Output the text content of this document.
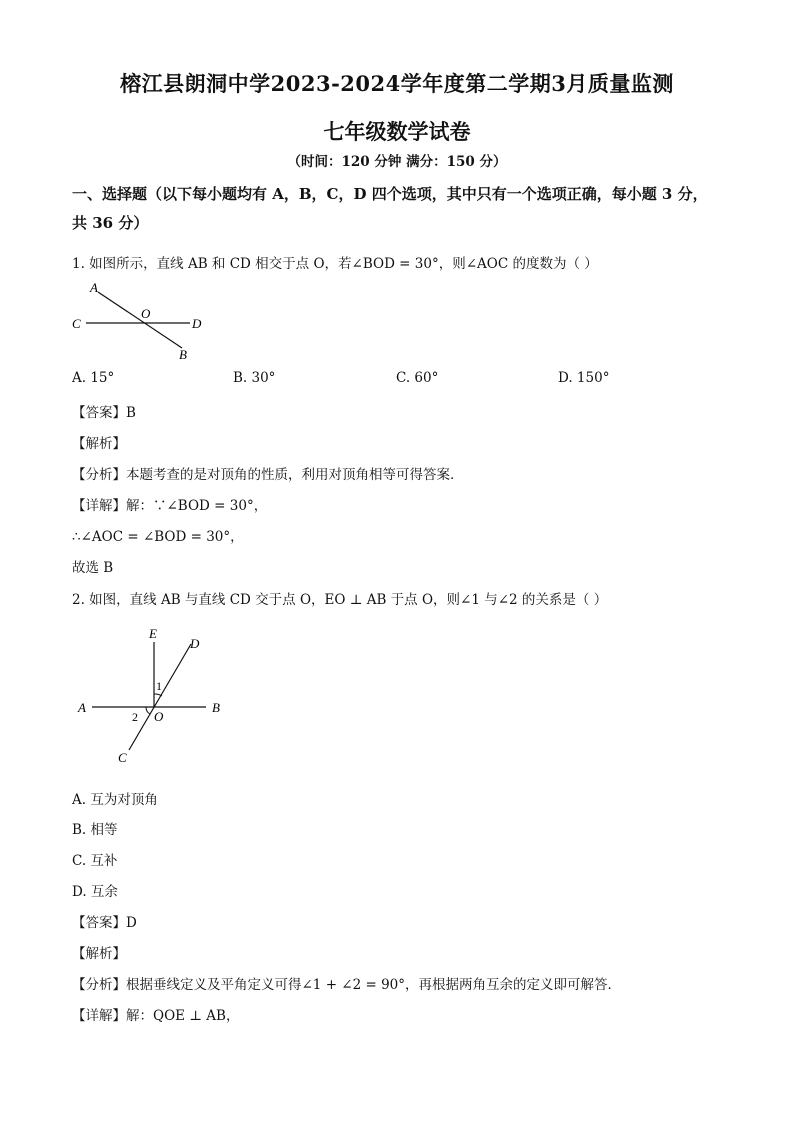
榕江县朗洞中学2023-2024学年度第二学期3月质量监测
七年级数学试卷
（时间：120 分钟 满分：150 分）
一、选择题（以下每小题均有 A，B，C，D 四个选项，其中只有一个选项正确，每小题 3 分，
共 36 分）
1. 如图所示，直线 AB 和 CD 相交于点 O，若∠BOD = 30°，则∠AOC 的度数为（ ）
A
O
C	D
B
A. 15°	B. 30°	C. 60°	D. 150°
【答案】B
【解析】
【分析】本题考查的是对顶角的性质，利用对顶角相等可得答案．
【详解】解：∵∠BOD = 30°，
∴∠AOC = ∠BOD = 30°，
故选 B
2. 如图，直线 AB 与直线 CD 交于点 O，EO ⊥ AB 于点 O，则∠1 与∠2 的关系是（ ）
E
D
1
A
2 O
B
C
A. 互为对顶角
B. 相等
C. 互补
D. 互余
【答案】D
【解析】
【分析】根据垂线定义及平角定义可得∠1 + ∠2 = 90°，再根据两角互余的定义即可解答．
【详解】解：QOE ⊥ AB，
